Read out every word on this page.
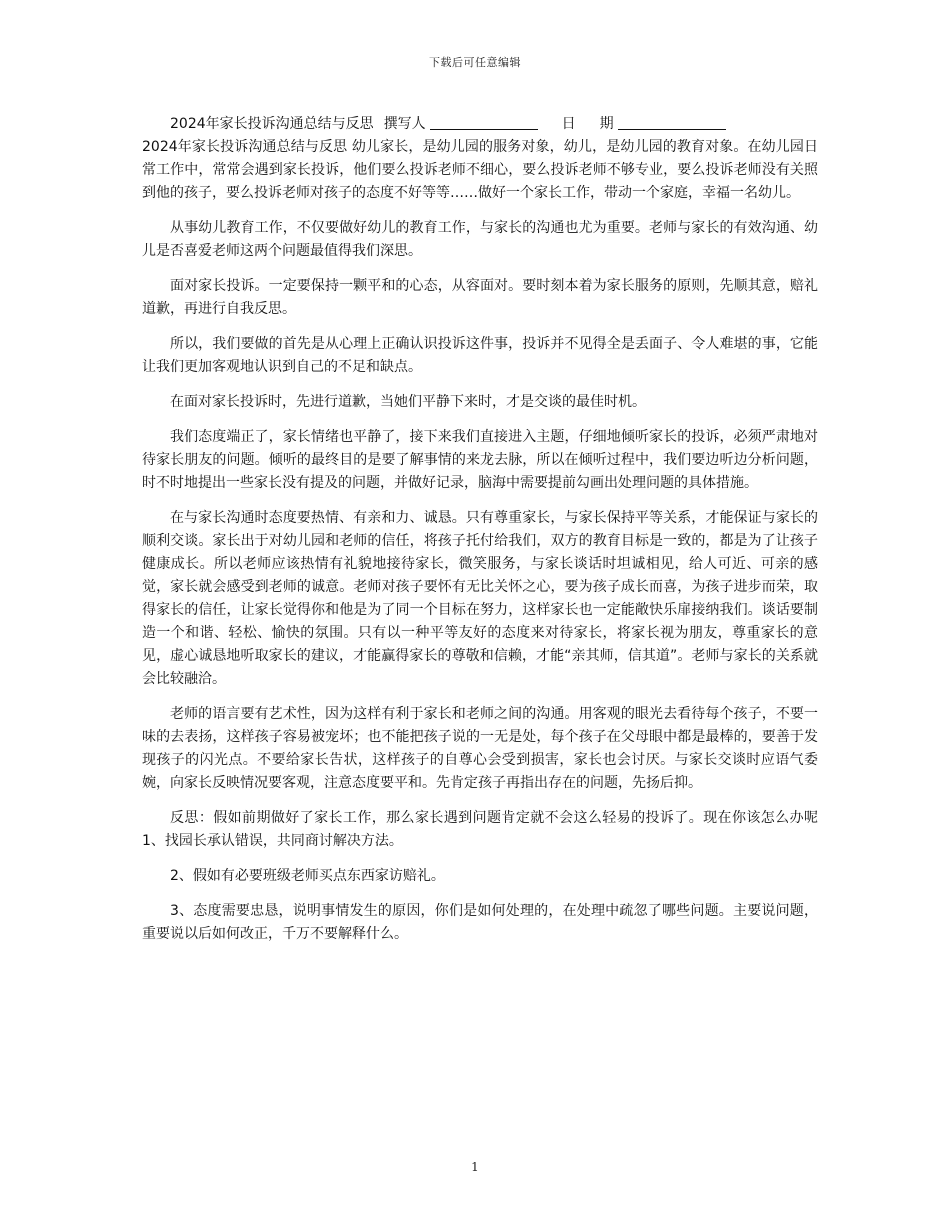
下载后可任意编辑

2024年家长投诉沟通总结与反思 撰写人	日 期

2024年家长投诉沟通总结与反思 幼儿家长，是幼儿园的服务对象，幼儿，是幼儿园的教育对象。在幼儿园日常工作中，常常会遇到家长投诉，他们要么投诉老师不细心，要么投诉老师不够专业，要么投诉老师没有关照到他的孩子，要么投诉老师对孩子的态度不好等等……做好一个家长工作，带动一个家庭，幸福一名幼儿。

从事幼儿教育工作，不仅要做好幼儿的教育工作，与家长的沟通也尤为重要。老师与家长的有效沟通、幼儿是否喜爱老师这两个问题最值得我们深思。

面对家长投诉。一定要保持一颗平和的心态，从容面对。要时刻本着为家长服务的原则，先顺其意，赔礼道歉，再进行自我反思。

所以，我们要做的首先是从心理上正确认识投诉这件事，投诉并不见得全是丢面子、令人难堪的事，它能让我们更加客观地认识到自己的不足和缺点。

在面对家长投诉时，先进行道歉，当她们平静下来时，才是交谈的最佳时机。

我们态度端正了，家长情绪也平静了，接下来我们直接进入主题，仔细地倾听家长的投诉，必须严肃地对待家长朋友的问题。倾听的最终目的是要了解事情的来龙去脉，所以在倾听过程中，我们要边听边分析问题，时不时地提出一些家长没有提及的问题，并做好记录，脑海中需要提前勾画出处理问题的具体措施。

在与家长沟通时态度要热情、有亲和力、诚恳。只有尊重家长，与家长保持平等关系，才能保证与家长的顺利交谈。家长出于对幼儿园和老师的信任，将孩子托付给我们，双方的教育目标是一致的，都是为了让孩子健康成长。所以老师应该热情有礼貌地接待家长，微笑服务，与家长谈话时坦诚相见，给人可近、可亲的感觉，家长就会感受到老师的诚意。老师对孩子要怀有无比关怀之心，要为孩子成长而喜，为孩子进步而荣，取得家长的信任，让家长觉得你和他是为了同一个目标在努力，这样家长也一定能敞快乐扉接纳我们。谈话要制造一个和谐、轻松、愉快的氛围。只有以一种平等友好的态度来对待家长，将家长视为朋友，尊重家长的意见，虚心诚恳地听取家长的建议，才能赢得家长的尊敬和信赖，才能“亲其师，信其道”。老师与家长的关系就会比较融洽。

老师的语言要有艺术性，因为这样有利于家长和老师之间的沟通。用客观的眼光去看待每个孩子，不要一味的去表扬，这样孩子容易被宠坏；也不能把孩子说的一无是处，每个孩子在父母眼中都是最棒的，要善于发现孩子的闪光点。不要给家长告状，这样孩子的自尊心会受到损害，家长也会讨厌。与家长交谈时应语气委婉，向家长反映情况要客观，注意态度要平和。先肯定孩子再指出存在的问题，先扬后抑。

反思：假如前期做好了家长工作，那么家长遇到问题肯定就不会这么轻易的投诉了。现在你该怎么办呢1、找园长承认错误，共同商讨解决方法。

2、假如有必要班级老师买点东西家访赔礼。

3、态度需要忠恳，说明事情发生的原因，你们是如何处理的，在处理中疏忽了哪些问题。主要说问题，重要说以后如何改正，千万不要解释什么。

1
